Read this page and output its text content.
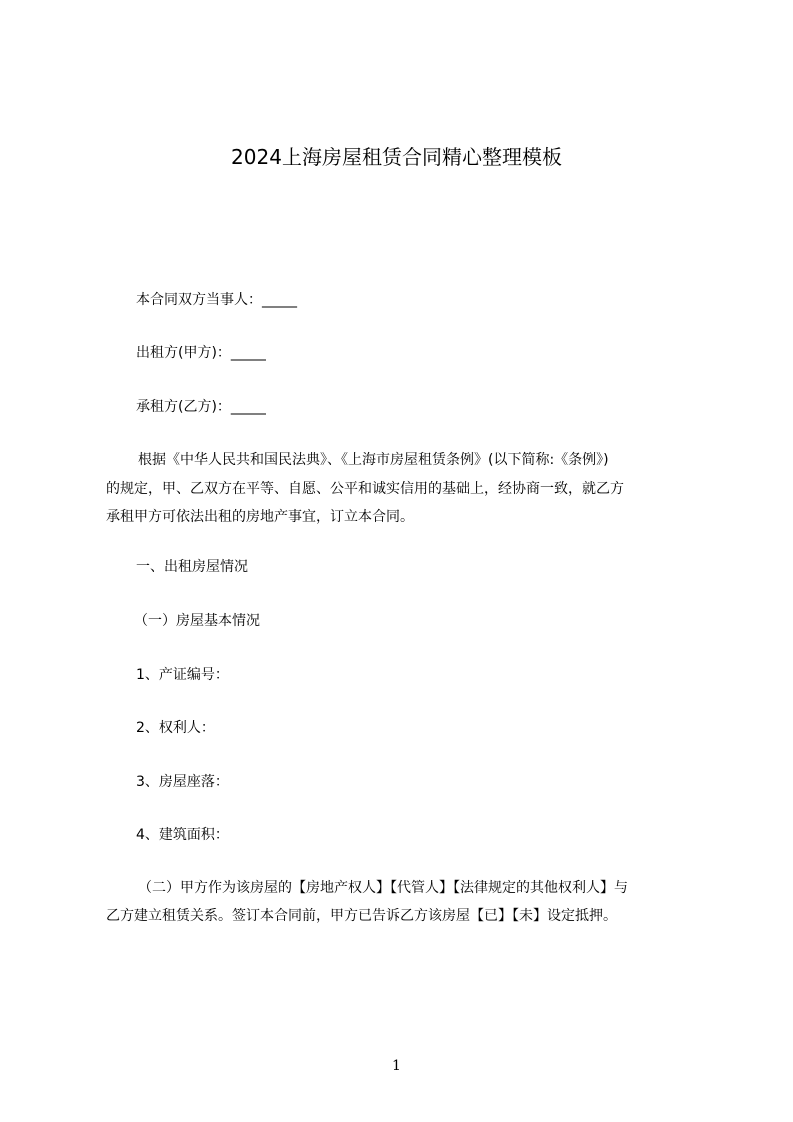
2024上海房屋租赁合同精心整理模板
本合同双方当事人：_____
出租方(甲方)：_____
承租方(乙方)：_____
根据《中华人民共和国民法典》、《上海市房屋租赁条例》(以下简称:《条例》)
的规定，甲、乙双方在平等、自愿、公平和诚实信用的基础上，经协商一致，就乙方
承租甲方可依法出租的房地产事宜，订立本合同。
一、出租房屋情况
（一）房屋基本情况
1、产证编号：
2、权利人：
3、房屋座落：
4、建筑面积：
（二）甲方作为该房屋的【房地产权人】【代管人】【法律规定的其他权利人】与
乙方建立租赁关系。签订本合同前，甲方已告诉乙方该房屋【已】【未】设定抵押。
1
